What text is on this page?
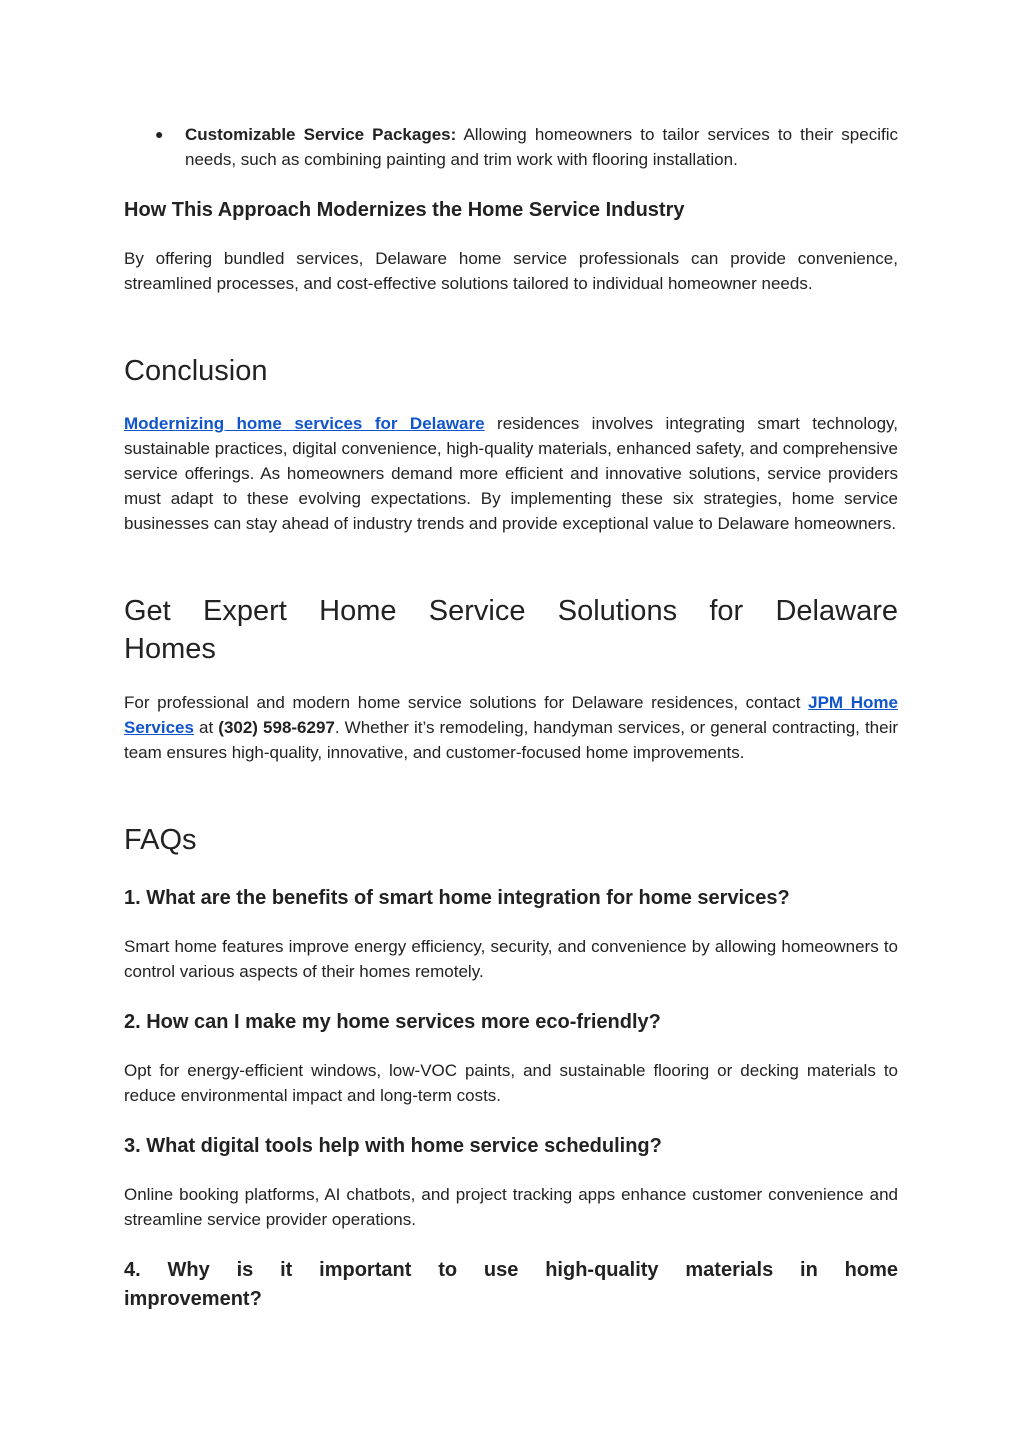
● Customizable Service Packages: Allowing homeowners to tailor services to their specific needs, such as combining painting and trim work with flooring installation.

How This Approach Modernizes the Home Service Industry

By offering bundled services, Delaware home service professionals can provide convenience, streamlined processes, and cost-effective solutions tailored to individual homeowner needs.

Conclusion

Modernizing home services for Delaware residences involves integrating smart technology, sustainable practices, digital convenience, high-quality materials, enhanced safety, and comprehensive service offerings. As homeowners demand more efficient and innovative solutions, service providers must adapt to these evolving expectations. By implementing these six strategies, home service businesses can stay ahead of industry trends and provide exceptional value to Delaware homeowners.

Get Expert Home Service Solutions for Delaware
Homes

For professional and modern home service solutions for Delaware residences, contact JPM Home Services at (302) 598-6297. Whether it’s remodeling, handyman services, or general contracting, their team ensures high-quality, innovative, and customer-focused home improvements.

FAQs
1. What are the benefits of smart home integration for home services?

Smart home features improve energy efficiency, security, and convenience by allowing homeowners to control various aspects of their homes remotely.

2. How can I make my home services more eco-friendly?

Opt for energy-efficient windows, low-VOC paints, and sustainable flooring or decking materials to reduce environmental impact and long-term costs.

3. What digital tools help with home service scheduling?

Online booking platforms, AI chatbots, and project tracking apps enhance customer convenience and streamline service provider operations.

4. Why is it important to use high-quality materials in home
improvement?
